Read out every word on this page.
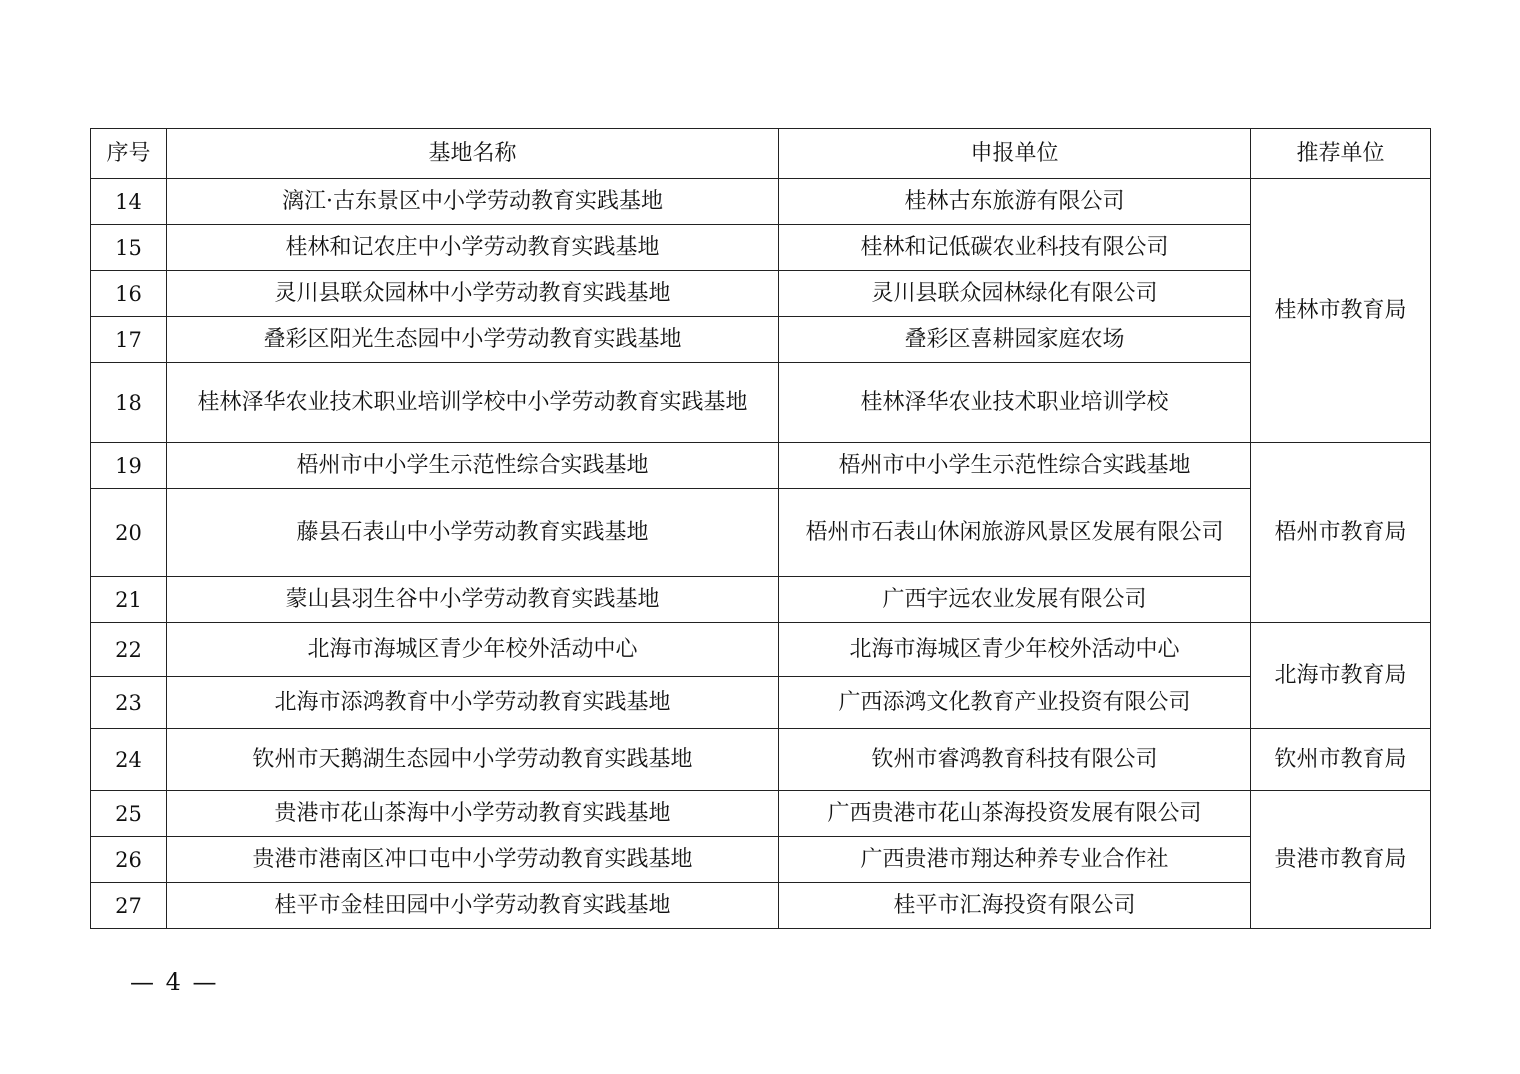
序号	基地名称	申报单位	推荐单位
14	漓江·古东景区中小学劳动教育实践基地	桂林古东旅游有限公司	桂林市教育局
15	桂林和记农庄中小学劳动教育实践基地	桂林和记低碳农业科技有限公司	
16	灵川县联众园林中小学劳动教育实践基地	灵川县联众园林绿化有限公司	
17	叠彩区阳光生态园中小学劳动教育实践基地	叠彩区喜耕园家庭农场	
18	桂林泽华农业技术职业培训学校中小学劳动教育实践基地	桂林泽华农业技术职业培训学校	
19	梧州市中小学生示范性综合实践基地	梧州市中小学生示范性综合实践基地	梧州市教育局
20	藤县石表山中小学劳动教育实践基地	梧州市石表山休闲旅游风景区发展有限公司	
21	蒙山县羽生谷中小学劳动教育实践基地	广西宇远农业发展有限公司	
22	北海市海城区青少年校外活动中心	北海市海城区青少年校外活动中心	北海市教育局
23	北海市添鸿教育中小学劳动教育实践基地	广西添鸿文化教育产业投资有限公司	
24	钦州市天鹅湖生态园中小学劳动教育实践基地	钦州市睿鸿教育科技有限公司	钦州市教育局
25	贵港市花山茶海中小学劳动教育实践基地	广西贵港市花山茶海投资发展有限公司	贵港市教育局
26	贵港市港南区冲口屯中小学劳动教育实践基地	广西贵港市翔达种养专业合作社	
27	桂平市金桂田园中小学劳动教育实践基地	桂平市汇海投资有限公司	
— 4 —
